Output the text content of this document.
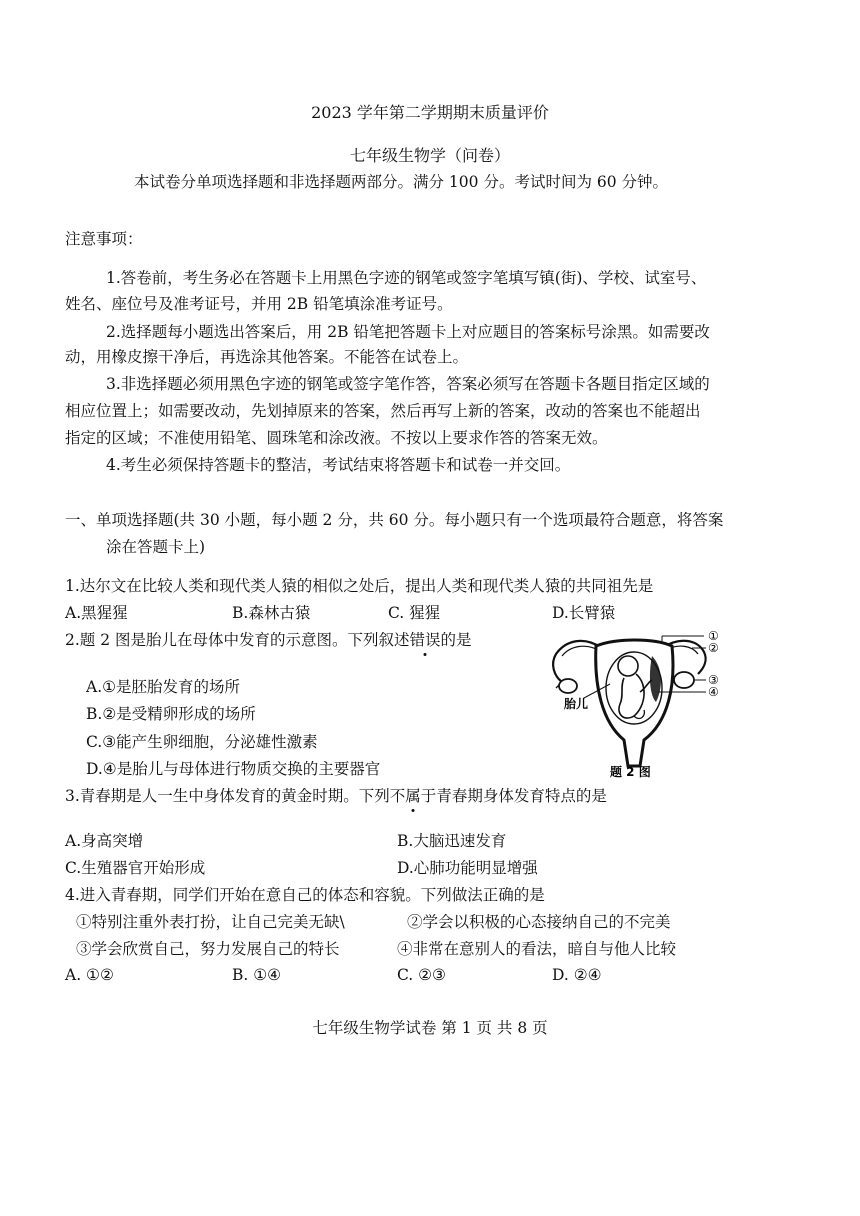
2023 学年第二学期期末质量评价
七年级生物学（问卷）
本试卷分单项选择题和非选择题两部分。满分 100 分。考试时间为 60 分钟。
注意事项：
1.答卷前，考生务必在答题卡上用黑色字迹的钢笔或签字笔填写镇(街)、学校、试室号、
姓名、座位号及准考证号，并用 2B 铅笔填涂准考证号。
2.选择题每小题选出答案后，用 2B 铅笔把答题卡上对应题目的答案标号涂黑。如需要改
动，用橡皮擦干净后，再选涂其他答案。不能答在试卷上。
3.非选择题必须用黑色字迹的钢笔或签字笔作答，答案必须写在答题卡各题目指定区域的
相应位置上；如需要改动，先划掉原来的答案，然后再写上新的答案，改动的答案也不能超出
指定的区域；不准使用铅笔、圆珠笔和涂改液。不按以上要求作答的答案无效。
4.考生必须保持答题卡的整洁，考试结束将答题卡和试卷一并交回。
一、单项选择题(共 30 小题，每小题 2 分，共 60 分。每小题只有一个选项最符合题意，将答案
涂在答题卡上)
1.达尔文在比较人类和现代类人猿的相似之处后，提出人类和现代类人猿的共同祖先是
A.黑猩猩	B.森林古猿	C. 猩猩	D.长臂猿
2.题 2 图是胎儿在母体中发育的示意图。下列叙述错误的是
A.①是胚胎发育的场所
B.②是受精卵形成的场所
C.③能产生卵细胞，分泌雄性激素
D.④是胎儿与母体进行物质交换的主要器官
①
②
③
④
胎儿
题 2 图
3.青春期是人一生中身体发育的黄金时期。下列不属于青春期身体发育特点的是
A.身高突增	B.大脑迅速发育
C.生殖器官开始形成	D.心肺功能明显增强
4.进入青春期，同学们开始在意自己的体态和容貌。下列做法正确的是
①特别注重外表打扮，让自己完美无缺\	②学会以积极的心态接纳自己的不完美
③学会欣赏自己，努力发展自己的特长	④非常在意别人的看法，暗自与他人比较
A. ①②	B. ①④	C. ②③	D. ②④
七年级生物学试卷 第 1 页 共 8 页
